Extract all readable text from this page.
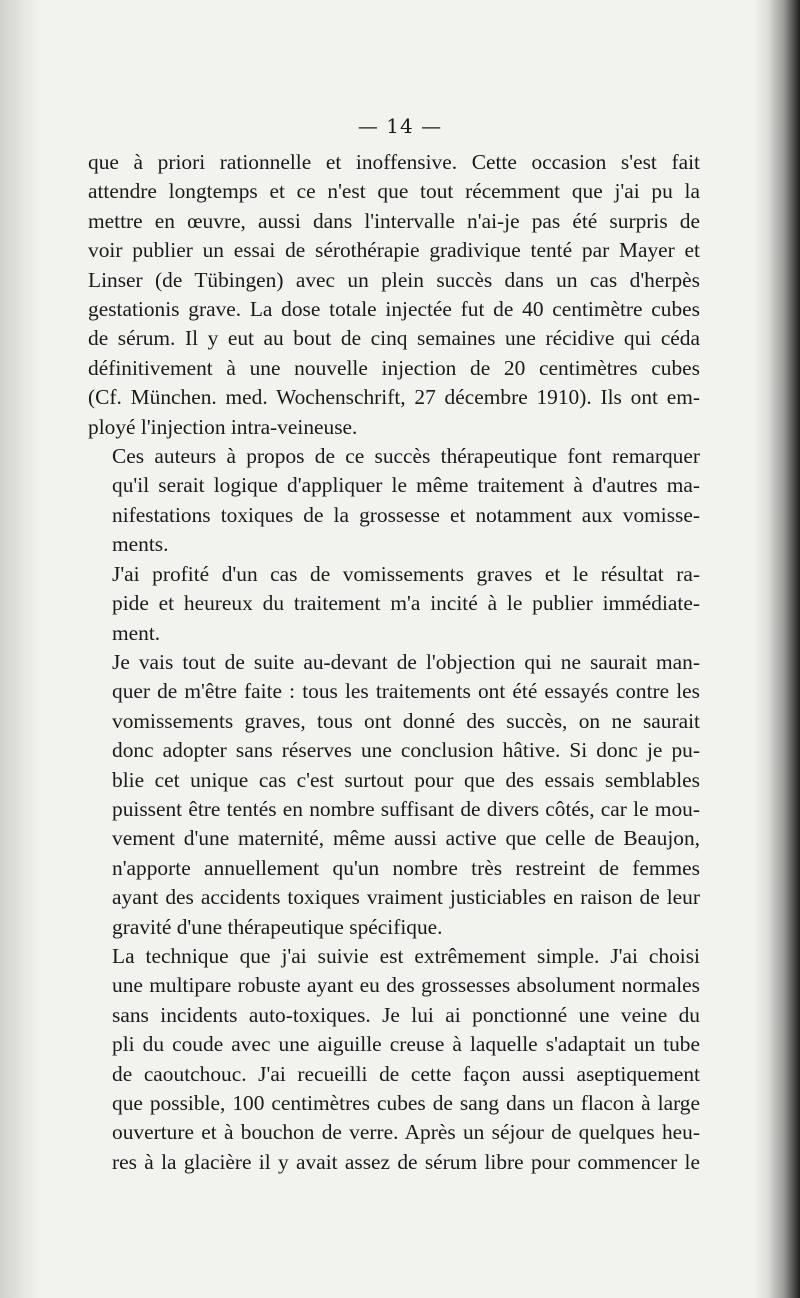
— 14 —

que à priori rationnelle et inoffensive. Cette occasion s'est fait
attendre longtemps et ce n'est que tout récemment que j'ai pu la
mettre en œuvre, aussi dans l'intervalle n'ai-je pas été surpris de
voir publier un essai de sérothérapie gradivique tenté par Mayer et
Linser (de Tübingen) avec un plein succès dans un cas d'herpès
gestationis grave. La dose totale injectée fut de 40 centimètre cubes
de sérum. Il y eut au bout de cinq semaines une récidive qui céda
définitivement à une nouvelle injection de 20 centimètres cubes
(Cf. München. med. Wochenschrift, 27 décembre 1910). Ils ont em-
ployé l'injection intra-veineuse.

Ces auteurs à propos de ce succès thérapeutique font remarquer
qu'il serait logique d'appliquer le même traitement à d'autres ma-
nifestations toxiques de la grossesse et notamment aux vomisse-
ments.

J'ai profité d'un cas de vomissements graves et le résultat ra-
pide et heureux du traitement m'a incité à le publier immédiate-
ment.

Je vais tout de suite au-devant de l'objection qui ne saurait man-
quer de m'être faite : tous les traitements ont été essayés contre les
vomissements graves, tous ont donné des succès, on ne saurait
donc adopter sans réserves une conclusion hâtive. Si donc je pu-
blie cet unique cas c'est surtout pour que des essais semblables
puissent être tentés en nombre suffisant de divers côtés, car le mou-
vement d'une maternité, même aussi active que celle de Beaujon,
n'apporte annuellement qu'un nombre très restreint de femmes
ayant des accidents toxiques vraiment justiciables en raison de leur
gravité d'une thérapeutique spécifique.

La technique que j'ai suivie est extrêmement simple. J'ai choisi
une multipare robuste ayant eu des grossesses absolument normales
sans incidents auto-toxiques. Je lui ai ponctionné une veine du
pli du coude avec une aiguille creuse à laquelle s'adaptait un tube
de caoutchouc. J'ai recueilli de cette façon aussi aseptiquement
que possible, 100 centimètres cubes de sang dans un flacon à large
ouverture et à bouchon de verre. Après un séjour de quelques heu-
res à la glacière il y avait assez de sérum libre pour commencer le
